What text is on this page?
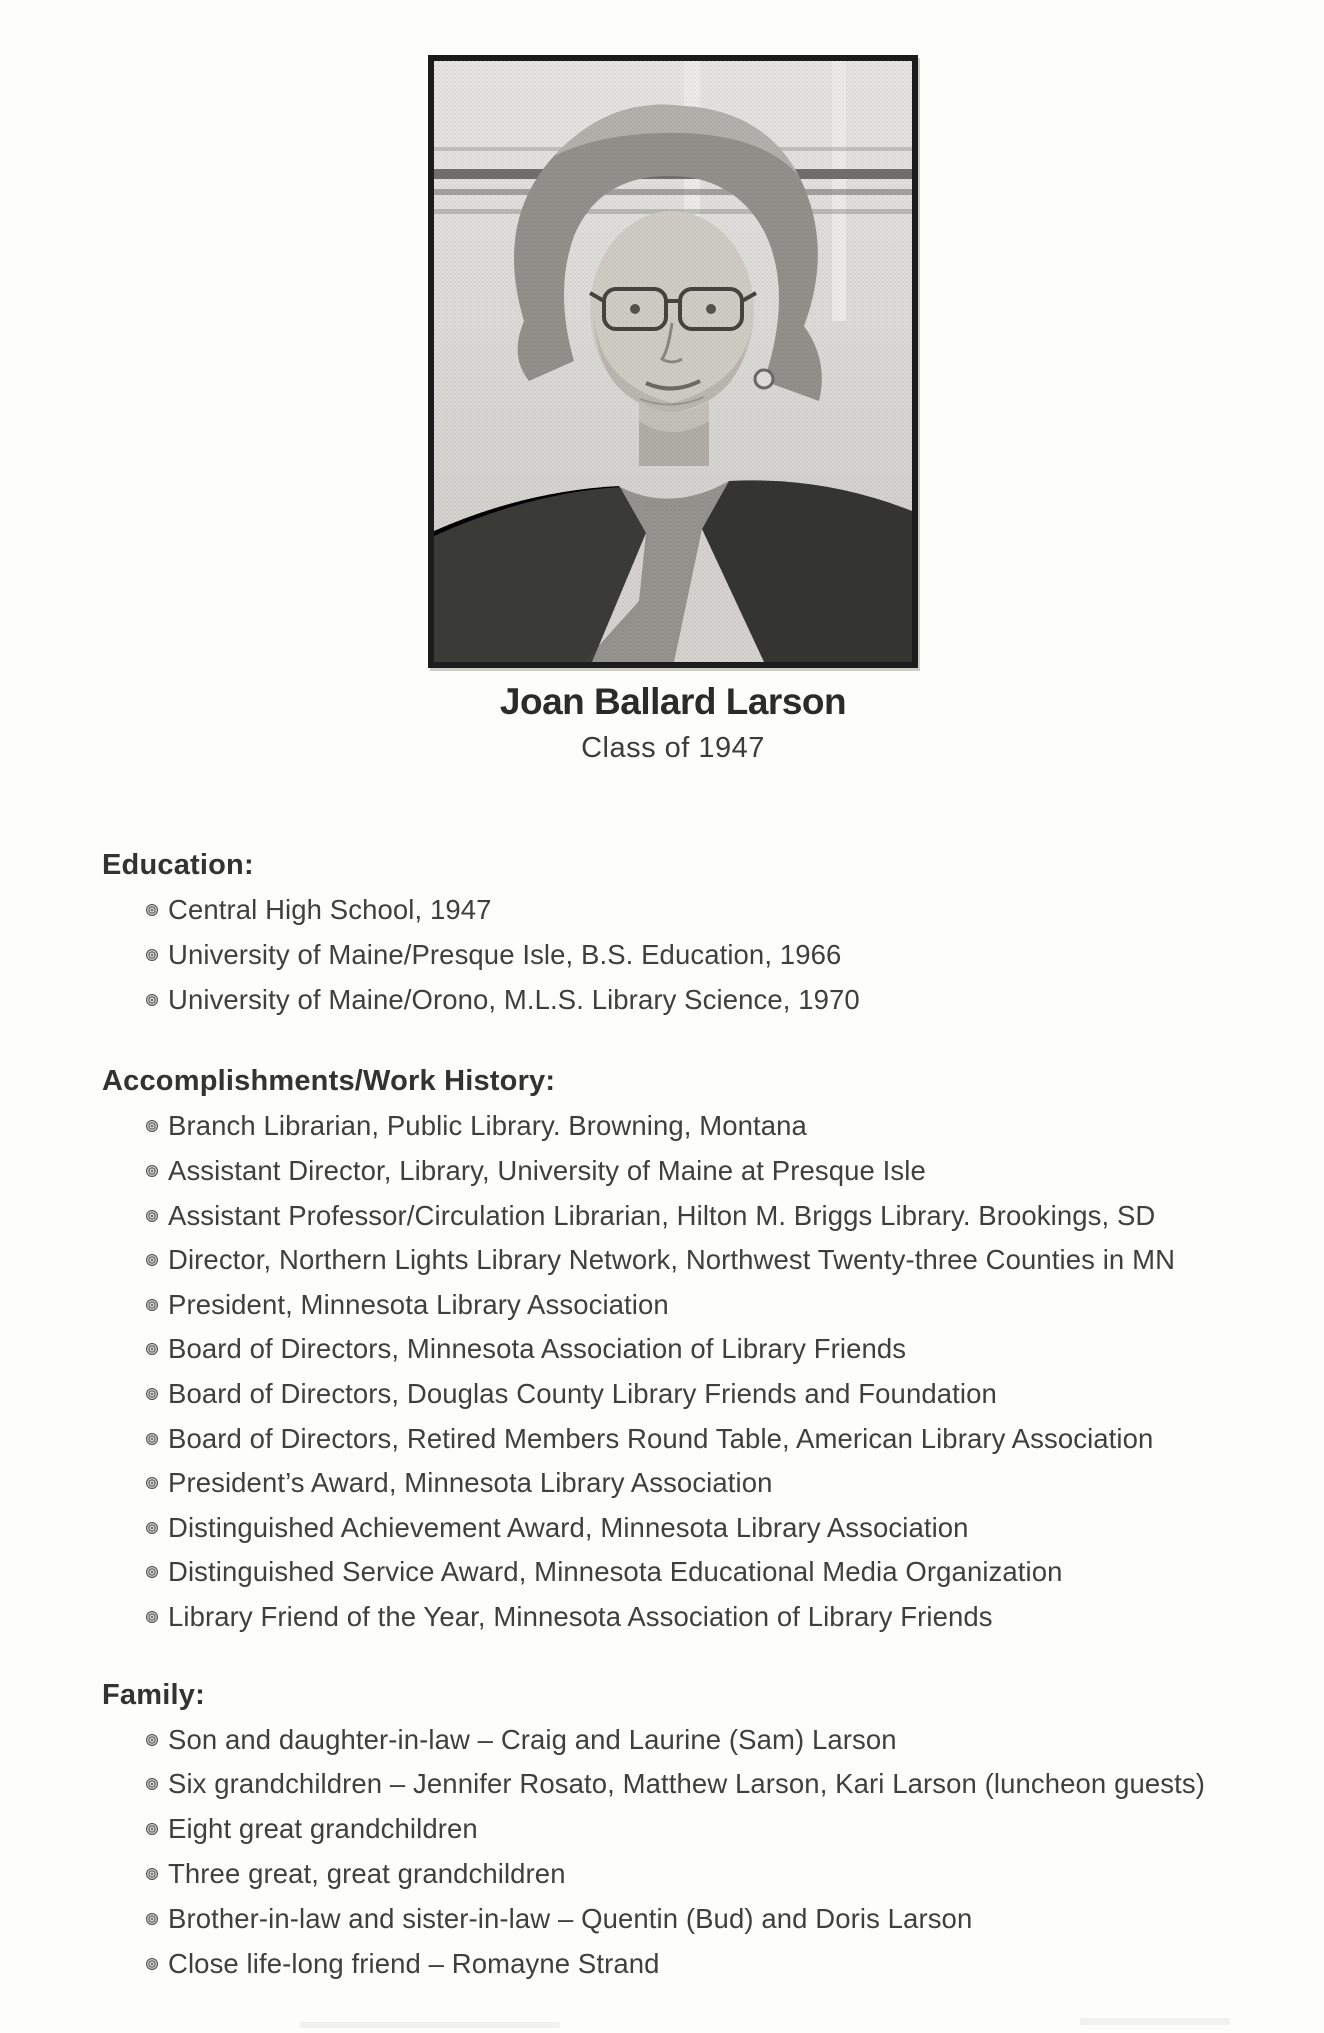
Joan Ballard Larson
Class of 1947
Education:
Central High School, 1947
University of Maine/Presque Isle, B.S. Education, 1966
University of Maine/Orono, M.L.S. Library Science, 1970
Accomplishments/Work History:
Branch Librarian, Public Library. Browning, Montana
Assistant Director, Library, University of Maine at Presque Isle
Assistant Professor/Circulation Librarian, Hilton M. Briggs Library. Brookings, SD
Director, Northern Lights Library Network, Northwest Twenty-three Counties in MN
President, Minnesota Library Association
Board of Directors, Minnesota Association of Library Friends
Board of Directors, Douglas County Library Friends and Foundation
Board of Directors, Retired Members Round Table, American Library Association
President’s Award, Minnesota Library Association
Distinguished Achievement Award, Minnesota Library Association
Distinguished Service Award, Minnesota Educational Media Organization
Library Friend of the Year, Minnesota Association of Library Friends
Family:
Son and daughter-in-law – Craig and Laurine (Sam) Larson
Six grandchildren – Jennifer Rosato, Matthew Larson, Kari Larson (luncheon guests)
Eight great grandchildren
Three great, great grandchildren
Brother-in-law and sister-in-law – Quentin (Bud) and Doris Larson
Close life-long friend – Romayne Strand
